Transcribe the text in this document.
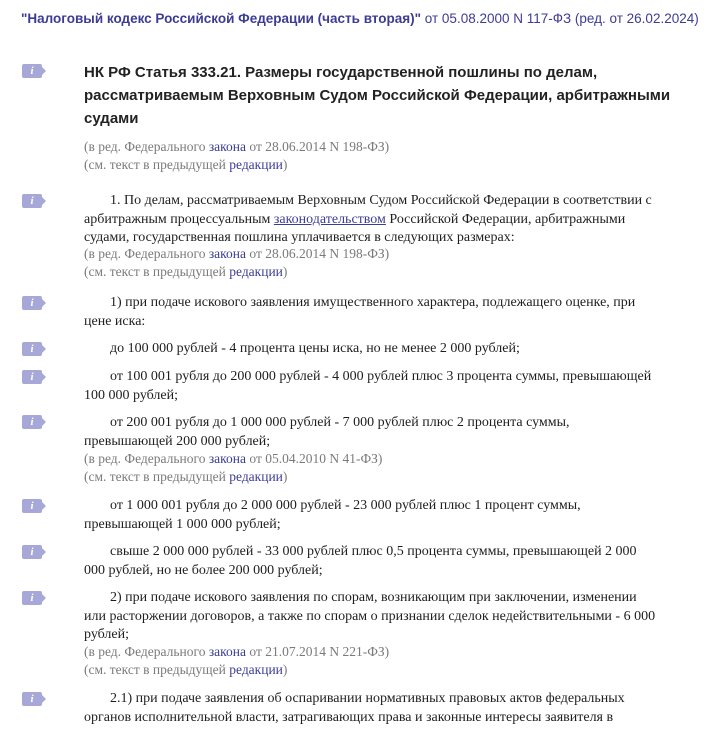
"Налоговый кодекс Российской Федерации (часть вторая)" от 05.08.2000 N 117-ФЗ (ред. от 26.02.2024)
i	НК РФ Статья 333.21. Размеры государственной пошлины по делам, рассматриваемым Верховным Судом Российской Федерации, арбитражными судами
(в ред. Федерального закона от 28.06.2014 N 198-ФЗ)
(см. текст в предыдущей редакции)
i	1. По делам, рассматриваемым Верховным Судом Российской Федерации в соответствии с
арбитражным процессуальным законодательством Российской Федерации, арбитражными
судами, государственная пошлина уплачивается в следующих размерах:
(в ред. Федерального закона от 28.06.2014 N 198-ФЗ)
(см. текст в предыдущей редакции)
i	1) при подаче искового заявления имущественного характера, подлежащего оценке, при
цене иска:
i	до 100 000 рублей - 4 процента цены иска, но не менее 2 000 рублей;
i	от 100 001 рубля до 200 000 рублей - 4 000 рублей плюс 3 процента суммы, превышающей
100 000 рублей;
i	от 200 001 рубля до 1 000 000 рублей - 7 000 рублей плюс 2 процента суммы,
превышающей 200 000 рублей;
(в ред. Федерального закона от 05.04.2010 N 41-ФЗ)
(см. текст в предыдущей редакции)
i	от 1 000 001 рубля до 2 000 000 рублей - 23 000 рублей плюс 1 процент суммы,
превышающей 1 000 000 рублей;
i	свыше 2 000 000 рублей - 33 000 рублей плюс 0,5 процента суммы, превышающей 2 000
000 рублей, но не более 200 000 рублей;
i	2) при подаче искового заявления по спорам, возникающим при заключении, изменении
или расторжении договоров, а также по спорам о признании сделок недействительными - 6 000
рублей;
(в ред. Федерального закона от 21.07.2014 N 221-ФЗ)
(см. текст в предыдущей редакции)
i	2.1) при подаче заявления об оспаривании нормативных правовых актов федеральных
органов исполнительной власти, затрагивающих права и законные интересы заявителя в
